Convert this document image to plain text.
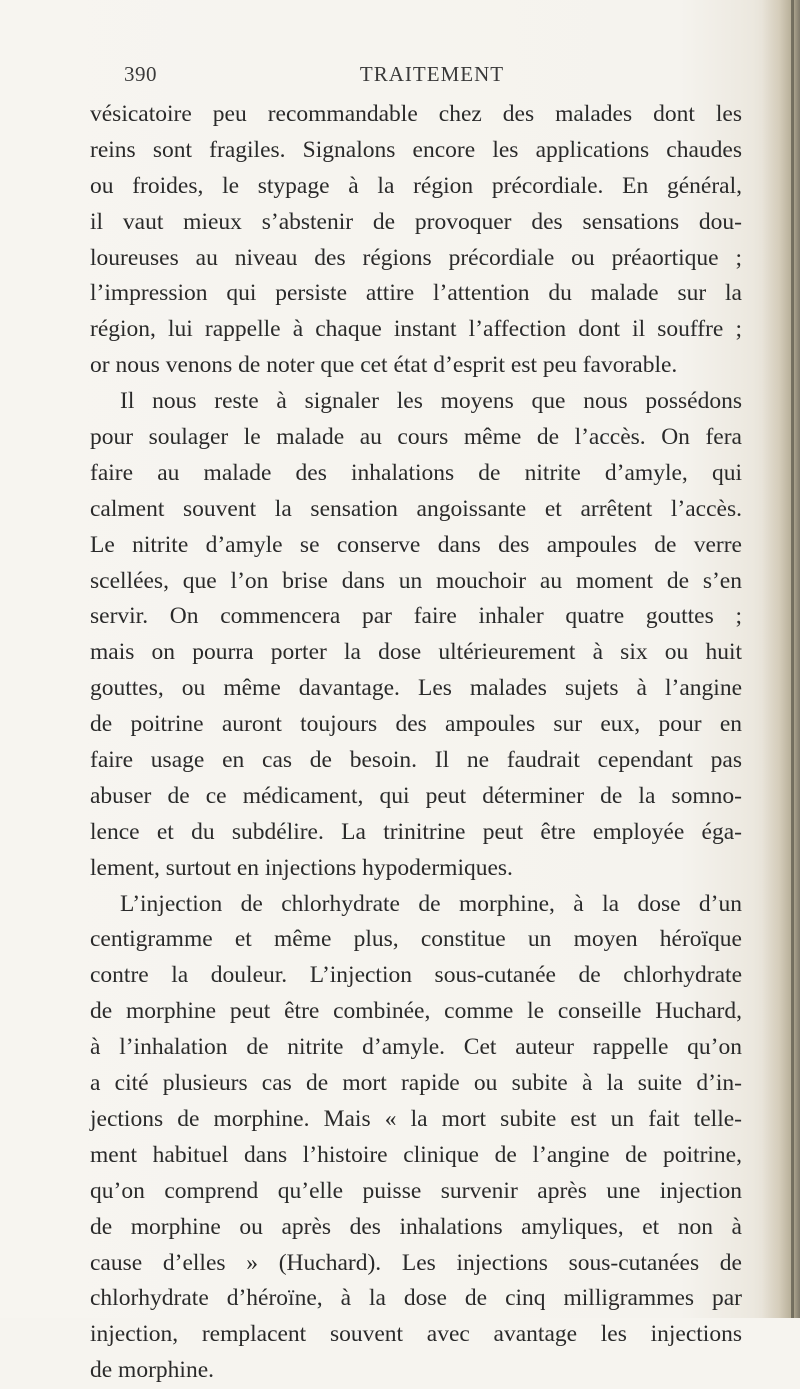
390	TRAITEMENT
vésicatoire peu recommandable chez des malades dont les
reins sont fragiles. Signalons encore les applications chaudes
ou froides, le stypage à la région précordiale. En général,
il vaut mieux s’abstenir de provoquer des sensations dou-
loureuses au niveau des régions précordiale ou préaortique ;
l’impression qui persiste attire l’attention du malade sur la
région, lui rappelle à chaque instant l’affection dont il souffre ;
or nous venons de noter que cet état d’esprit est peu favorable.
Il nous reste à signaler les moyens que nous possédons
pour soulager le malade au cours même de l’accès. On fera
faire au malade des inhalations de nitrite d’amyle, qui
calment souvent la sensation angoissante et arrêtent l’accès.
Le nitrite d’amyle se conserve dans des ampoules de verre
scellées, que l’on brise dans un mouchoir au moment de s’en
servir. On commencera par faire inhaler quatre gouttes ;
mais on pourra porter la dose ultérieurement à six ou huit
gouttes, ou même davantage. Les malades sujets à l’angine
de poitrine auront toujours des ampoules sur eux, pour en
faire usage en cas de besoin. Il ne faudrait cependant pas
abuser de ce médicament, qui peut déterminer de la somno-
lence et du subdélire. La trinitrine peut être employée éga-
lement, surtout en injections hypodermiques.
L’injection de chlorhydrate de morphine, à la dose d’un
centigramme et même plus, constitue un moyen héroïque
contre la douleur. L’injection sous-cutanée de chlorhydrate
de morphine peut être combinée, comme le conseille Huchard,
à l’inhalation de nitrite d’amyle. Cet auteur rappelle qu’on
a cité plusieurs cas de mort rapide ou subite à la suite d’in-
jections de morphine. Mais « la mort subite est un fait telle-
ment habituel dans l’histoire clinique de l’angine de poitrine,
qu’on comprend qu’elle puisse survenir après une injection
de morphine ou après des inhalations amyliques, et non à
cause d’elles » (Huchard). Les injections sous-cutanées de
chlorhydrate d’héroïne, à la dose de cinq milligrammes par
injection, remplacent souvent avec avantage les injections
de morphine.
